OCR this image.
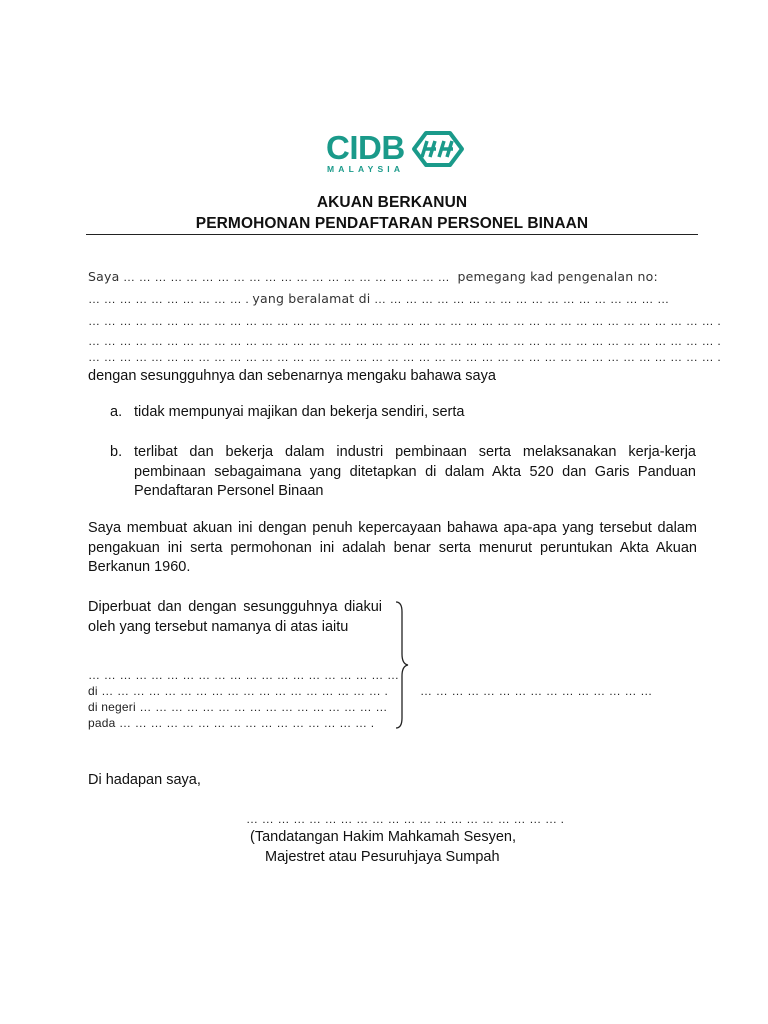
CIDB
MALAYSIA
AKUAN BERKANUN
PERMOHONAN PENDAFTARAN PERSONEL BINAAN
Saya … … … … … … … … … … … … … … … … … … … … … pemegang kad pengenalan no:
… … … … … … … … … … . yang beralamat di … … … … … … … … … … … … … … … … … … …
… … … … … … … … … … … … … … … … … … … … … … … … … … … … … … … … … … … … … … … … .
… … … … … … … … … … … … … … … … … … … … … … … … … … … … … … … … … … … … … … … … .
… … … … … … … … … … … … … … … … … … … … … … … … … … … … … … … … … … … … … … … … .
dengan sesungguhnya dan sebenarnya mengaku bahawa saya
a. tidak mempunyai majikan dan bekerja sendiri, serta
b. terlibat dan bekerja dalam industri pembinaan serta melaksanakan kerja-kerja pembinaan sebagaimana yang ditetapkan di dalam Akta 520 dan Garis Panduan Pendaftaran Personel Binaan
Saya membuat akuan ini dengan penuh kepercayaan bahawa apa-apa yang tersebut dalam pengakuan ini serta permohonan ini adalah benar serta menurut peruntukan Akta Akuan Berkanun 1960.
Diperbuat dan dengan sesungguhnya diakui oleh yang tersebut namanya di atas iaitu
… … … … … … … … … … … … … … … … … … … …
di … … … … … … … … … … … … … … … … … … .
di negeri … … … … … … … … … … … … … … … …
pada … … … … … … … … … … … … … … … … .
… … … … … … … … … … … … … … …
Di hadapan saya,
… … … … … … … … … … … … … … … … … … … … .
(Tandatangan Hakim Mahkamah Sesyen,
Majestret atau Pesuruhjaya Sumpah
